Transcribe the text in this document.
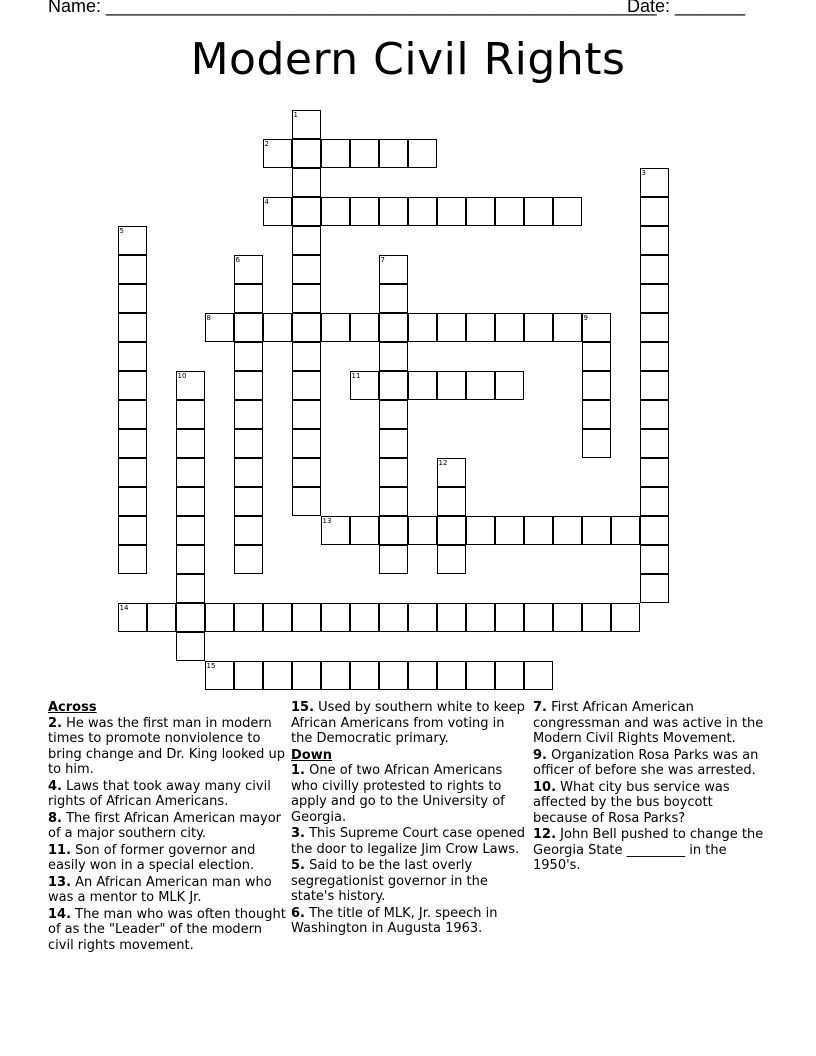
Name: _______________________________________________________
Date: _______
Modern Civil Rights
1
2
3
4
5
6	7
8	9
10	11
12
13
14
15
Across
2. He was the first man in modern times to promote nonviolence to bring change and Dr. King looked up to him.
4. Laws that took away many civil rights of African Americans.
8. The first African American mayor of a major southern city.
11. Son of former governor and easily won in a special election.
13. An African American man who was a mentor to MLK Jr.
14. The man who was often thought of as the "Leader" of the modern civil rights movement.
15. Used by southern white to keep African Americans from voting in the Democratic primary.
Down
1. One of two African Americans who civilly protested to rights to apply and go to the University of Georgia.
3. This Supreme Court case opened the door to legalize Jim Crow Laws.
5. Said to be the last overly segregationist governor in the state's history.
6. The title of MLK, Jr. speech in Washington in Augusta 1963.
7. First African American congressman and was active in the Modern Civil Rights Movement.
9. Organization Rosa Parks was an officer of before she was arrested.
10. What city bus service was affected by the bus boycott because of Rosa Parks?
12. John Bell pushed to change the Georgia State _________ in the 1950's.
